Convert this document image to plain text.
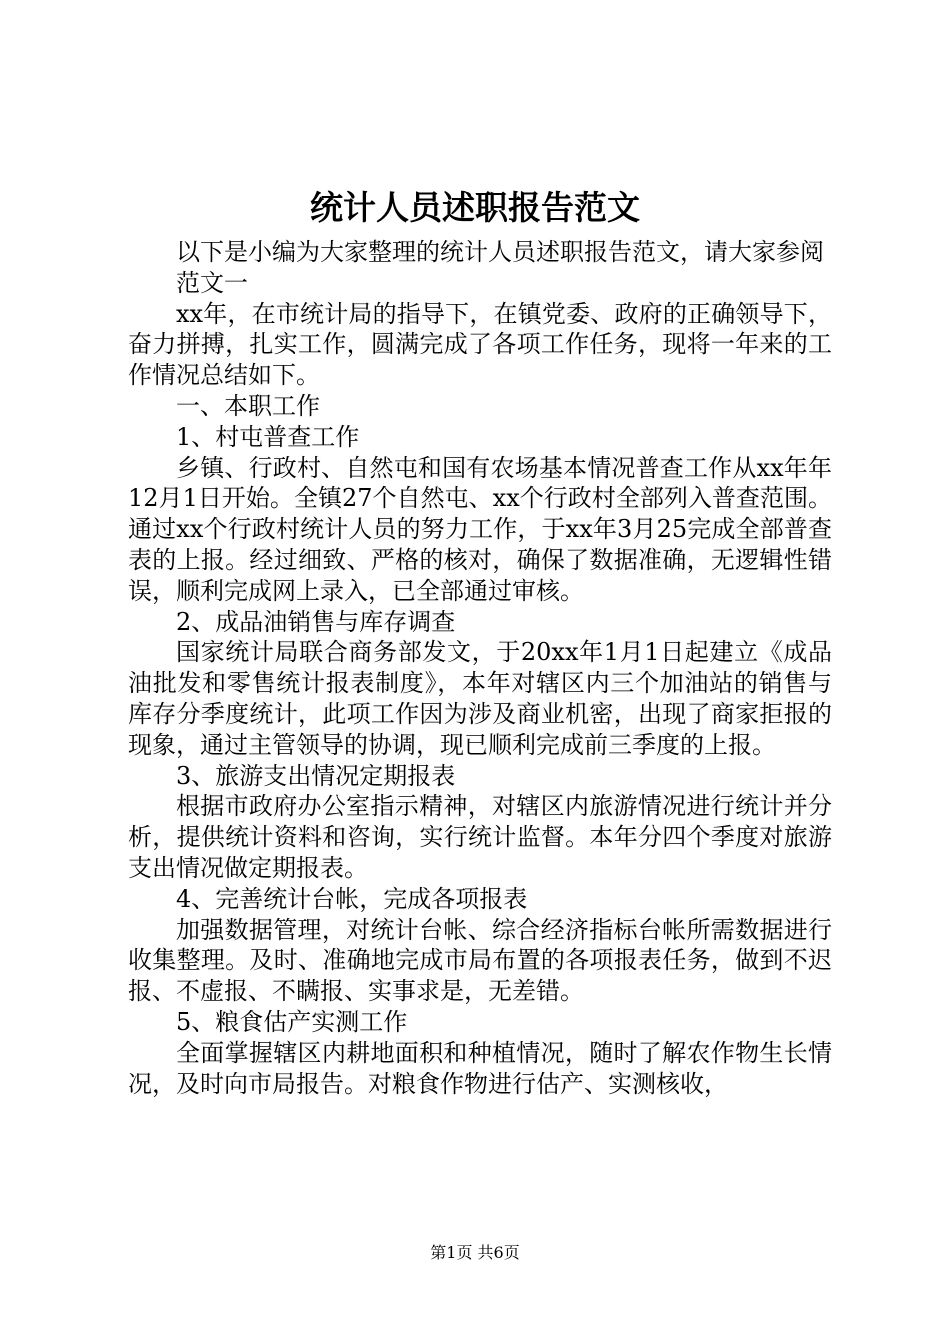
统计人员述职报告范文

以下是小编为大家整理的统计人员述职报告范文，请大家参阅

范文一

xx年，在市统计局的指导下，在镇党委、政府的正确领导下，奋力拼搏，扎实工作，圆满完成了各项工作任务，现将一年来的工作情况总结如下。

一、本职工作

1、村屯普查工作

乡镇、行政村、自然屯和国有农场基本情况普查工作从xx年年12月1日开始。全镇27个自然屯、xx个行政村全部列入普查范围。通过xx个行政村统计人员的努力工作，于xx年3月25完成全部普查表的上报。经过细致、严格的核对，确保了数据准确，无逻辑性错误，顺利完成网上录入，已全部通过审核。

2、成品油销售与库存调查

国家统计局联合商务部发文，于20xx年1月1日起建立《成品油批发和零售统计报表制度》，本年对辖区内三个加油站的销售与库存分季度统计，此项工作因为涉及商业机密，出现了商家拒报的现象，通过主管领导的协调，现已顺利完成前三季度的上报。

3、旅游支出情况定期报表

根据市政府办公室指示精神，对辖区内旅游情况进行统计并分析，提供统计资料和咨询，实行统计监督。本年分四个季度对旅游支出情况做定期报表。

4、完善统计台帐，完成各项报表

加强数据管理，对统计台帐、综合经济指标台帐所需数据进行收集整理。及时、准确地完成市局布置的各项报表任务，做到不迟报、不虚报、不瞒报、实事求是，无差错。

5、粮食估产实测工作

全面掌握辖区内耕地面积和种植情况，随时了解农作物生长情况，及时向市局报告。对粮食作物进行估产、实测核收，

第1页 共6页
